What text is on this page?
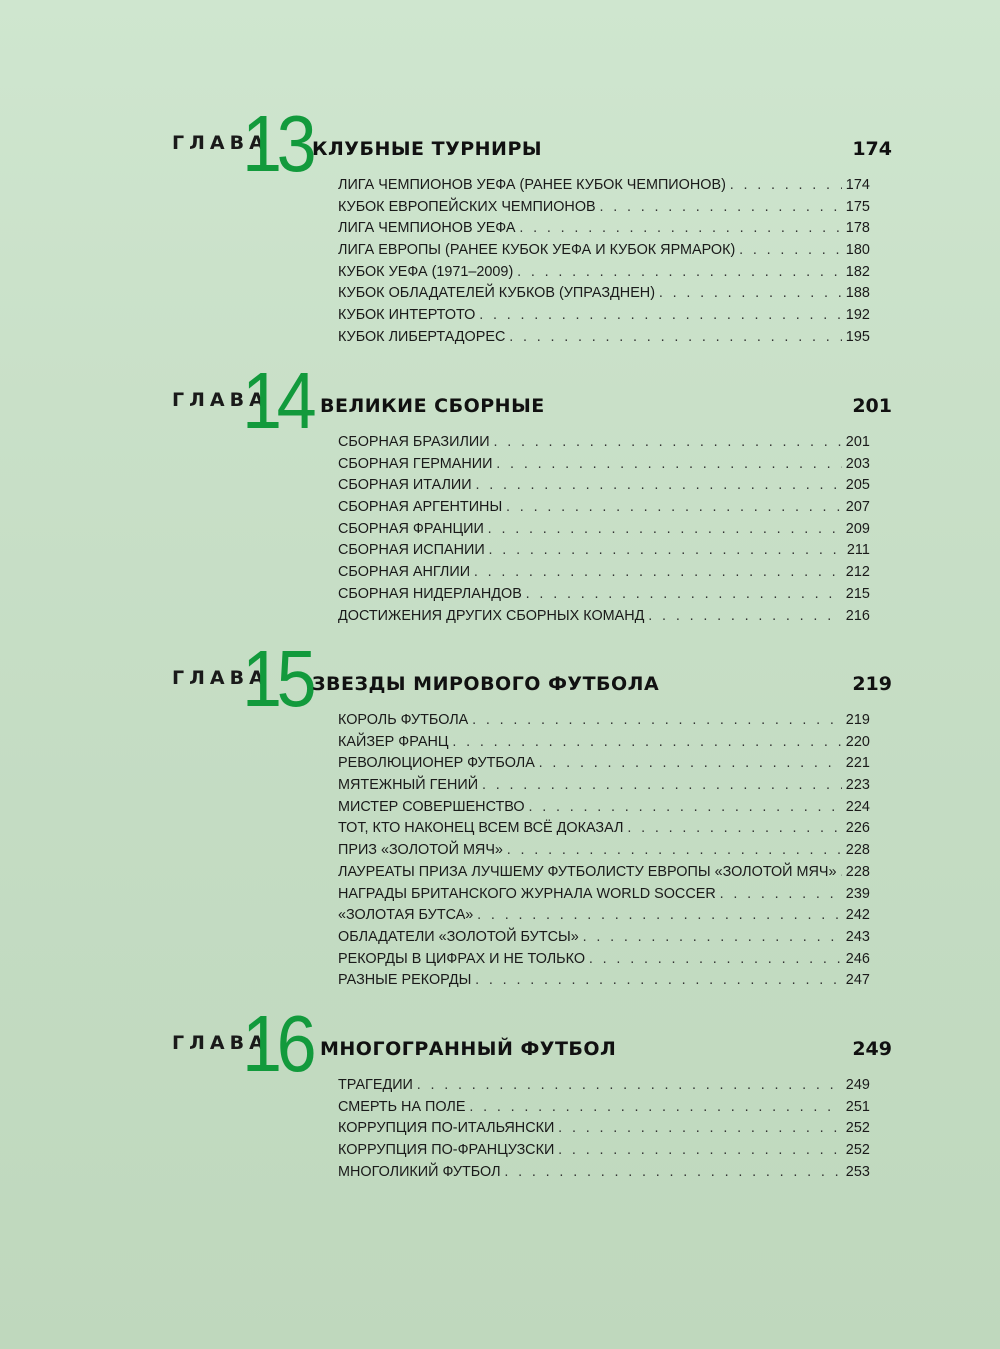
ГЛАВА
13 КЛУБНЫЕ ТУРНИРЫ	174
ЛИГА ЧЕМПИОНОВ УЕФА (РАНЕЕ КУБОК ЧЕМПИОНОВ) . . .	174
КУБОК ЕВРОПЕЙСКИХ ЧЕМПИОНОВ . . .	175
ЛИГА ЧЕМПИОНОВ УЕФА . . .	178
ЛИГА ЕВРОПЫ (РАНЕЕ КУБОК УЕФА И КУБОК ЯРМАРОК) . . .	180
КУБОК УЕФА (1971–2009) . . .	182
КУБОК ОБЛАДАТЕЛЕЙ КУБКОВ (УПРАЗДНЕН) . . .	188
КУБОК ИНТЕРТОТО . . .	192
КУБОК ЛИБЕРТАДОРЕС . . .	195
ГЛАВА
14 ВЕЛИКИЕ СБОРНЫЕ	201
СБОРНАЯ БРАЗИЛИИ . . .	201
СБОРНАЯ ГЕРМАНИИ . . .	203
СБОРНАЯ ИТАЛИИ . . .	205
СБОРНАЯ АРГЕНТИНЫ . . .	207
СБОРНАЯ ФРАНЦИИ . . .	209
СБОРНАЯ ИСПАНИИ . . .	211
СБОРНАЯ АНГЛИИ . . .	212
СБОРНАЯ НИДЕРЛАНДОВ . . .	215
ДОСТИЖЕНИЯ ДРУГИХ СБОРНЫХ КОМАНД . . .	216
ГЛАВА
15 ЗВЕЗДЫ МИРОВОГО ФУТБОЛА	219
КОРОЛЬ ФУТБОЛА . . .	219
КАЙЗЕР ФРАНЦ . . .	220
РЕВОЛЮЦИОНЕР ФУТБОЛА . . .	221
МЯТЕЖНЫЙ ГЕНИЙ . . .	223
МИСТЕР СОВЕРШЕНСТВО . . .	224
ТОТ, КТО НАКОНЕЦ ВСЕМ ВСЁ ДОКАЗАЛ . . .	226
ПРИЗ «ЗОЛОТОЙ МЯЧ» . . .	228
ЛАУРЕАТЫ ПРИЗА ЛУЧШЕМУ ФУТБОЛИСТУ ЕВРОПЫ «ЗОЛОТОЙ МЯЧ» . . . 228
НАГРАДЫ БРИТАНСКОГО ЖУРНАЛА WORLD SOCCER . . .	239
«ЗОЛОТАЯ БУТСА» . . .	242
ОБЛАДАТЕЛИ «ЗОЛОТОЙ БУТСЫ» . . .	243
РЕКОРДЫ В ЦИФРАХ И НЕ ТОЛЬКО . . .	246
РАЗНЫЕ РЕКОРДЫ . . .	247
ГЛАВА
16 МНОГОГРАННЫЙ ФУТБОЛ	249
ТРАГЕДИИ . . .	249
СМЕРТЬ НА ПОЛЕ . . .	251
КОРРУПЦИЯ ПО-ИТАЛЬЯНСКИ . . .	252
КОРРУПЦИЯ ПО-ФРАНЦУЗСКИ . . .	252
МНОГОЛИКИЙ ФУТБОЛ . . .	253
